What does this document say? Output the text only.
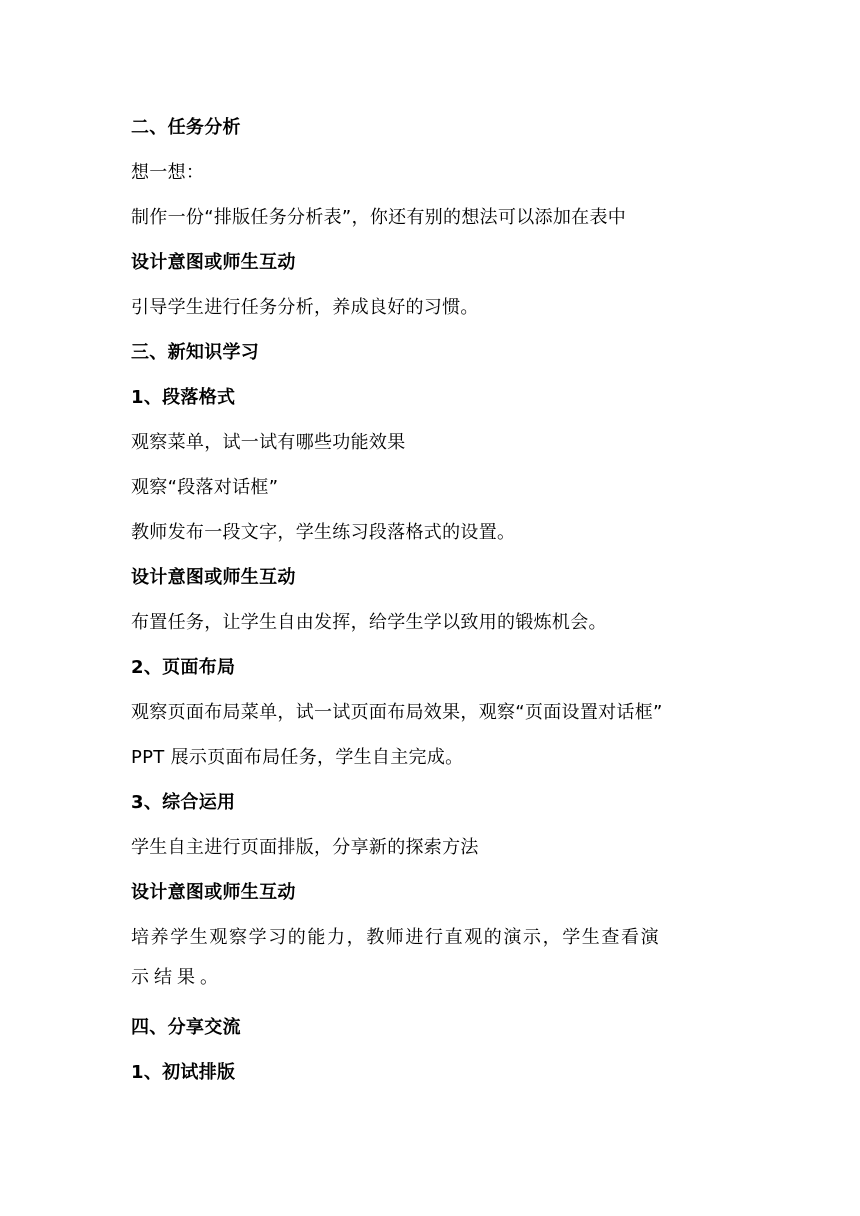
二、任务分析
想一想：
制作一份“排版任务分析表”，你还有别的想法可以添加在表中
设计意图或师生互动
引导学生进行任务分析，养成良好的习惯。
三、新知识学习
1、段落格式
观察菜单，试一试有哪些功能效果
观察“段落对话框”
教师发布一段文字，学生练习段落格式的设置。
设计意图或师生互动
布置任务，让学生自由发挥，给学生学以致用的锻炼机会。
2、页面布局
观察页面布局菜单，试一试页面布局效果，观察“页面设置对话框”
PPT 展示页面布局任务，学生自主完成。
3、综合运用
学生自主进行页面排版，分享新的探索方法
设计意图或师生互动
培养学生观察学习的能力，教师进行直观的演示，学生查看演
示结果。
四、分享交流
1、初试排版
